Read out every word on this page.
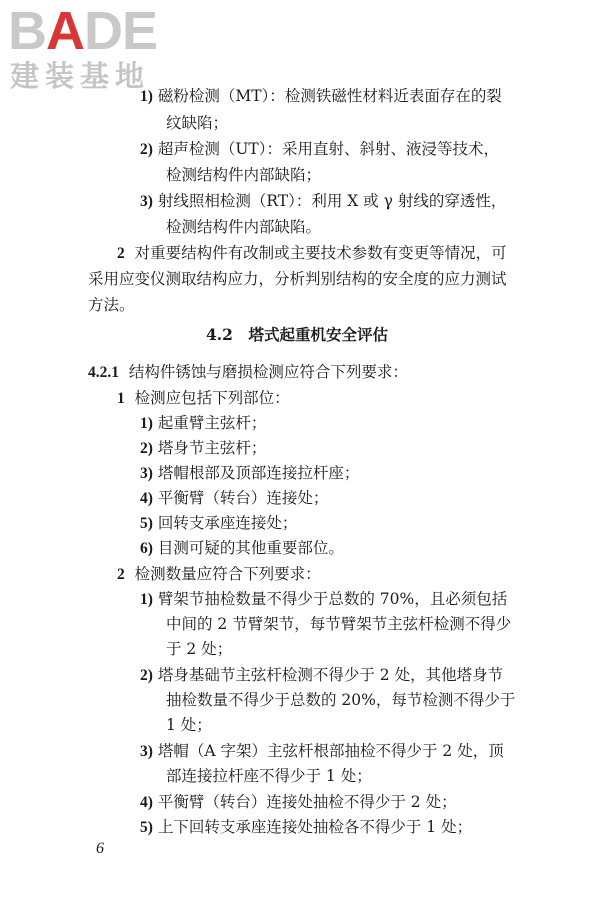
BADE
建装基地
1) 磁粉检测（MT）：检测铁磁性材料近表面存在的裂
纹缺陷；
2) 超声检测（UT）：采用直射、斜射、液浸等技术，
检测结构件内部缺陷；
3) 射线照相检测（RT）：利用 X 或 γ 射线的穿透性，
检测结构件内部缺陷。
2 对重要结构件有改制或主要技术参数有变更等情况，可
采用应变仪测取结构应力，分析判别结构的安全度的应力测试
方法。
4.2　塔式起重机安全评估
4.2.1 结构件锈蚀与磨损检测应符合下列要求：
1 检测应包括下列部位：
1) 起重臂主弦杆；
2) 塔身节主弦杆；
3) 塔帽根部及顶部连接拉杆座；
4) 平衡臂（转台）连接处；
5) 回转支承座连接处；
6) 目测可疑的其他重要部位。
2 检测数量应符合下列要求：
1) 臂架节抽检数量不得少于总数的 70%，且必须包括
中间的 2 节臂架节，每节臂架节主弦杆检测不得少
于 2 处；
2) 塔身基础节主弦杆检测不得少于 2 处，其他塔身节
抽检数量不得少于总数的 20%，每节检测不得少于
1 处；
3) 塔帽（A 字架）主弦杆根部抽检不得少于 2 处，顶
部连接拉杆座不得少于 1 处；
4) 平衡臂（转台）连接处抽检不得少于 2 处；
5) 上下回转支承座连接处抽检各不得少于 1 处；
6
